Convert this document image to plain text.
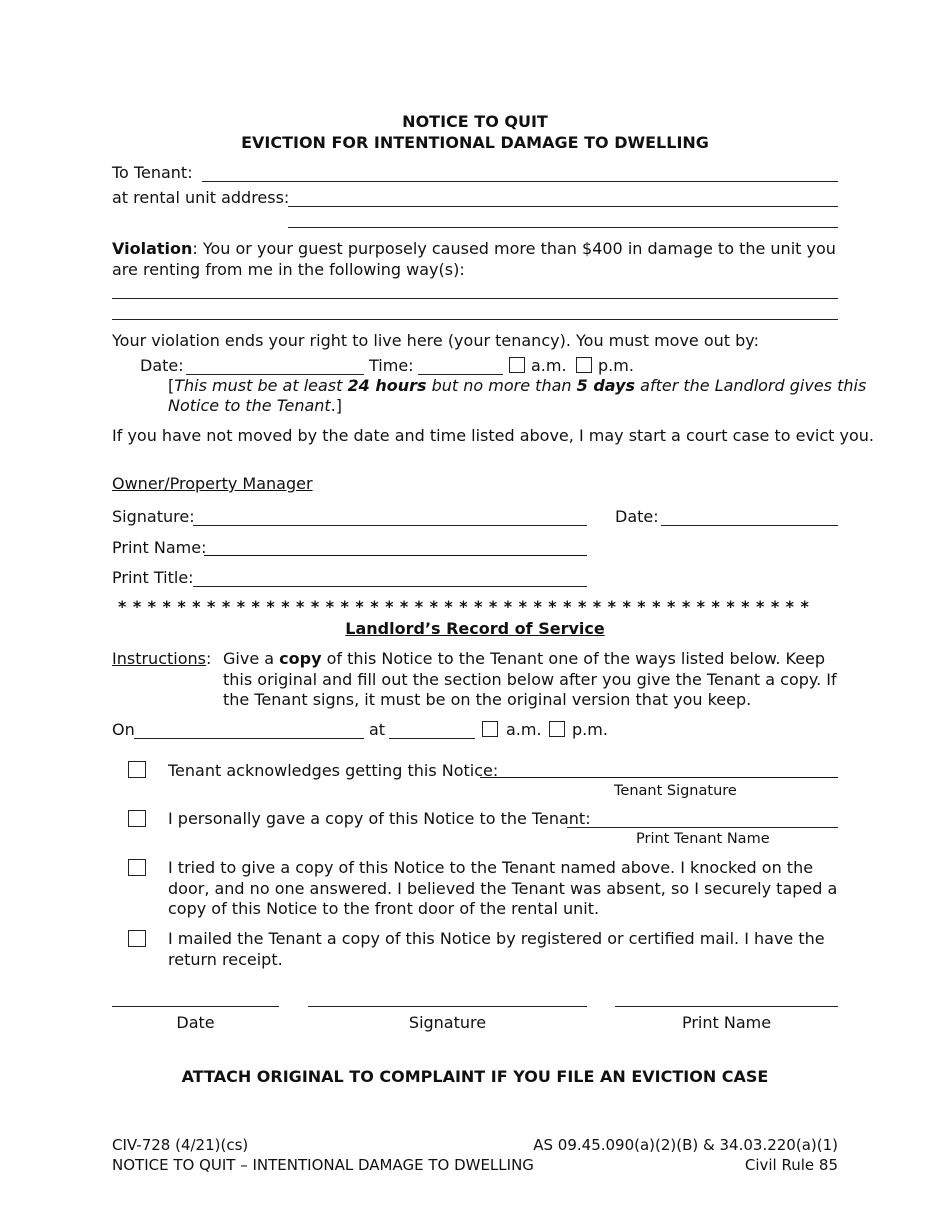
NOTICE TO QUIT
EVICTION FOR INTENTIONAL DAMAGE TO DWELLING
To Tenant:
at rental unit address:
Violation: You or your guest purposely caused more than $400 in damage to the unit you are renting from me in the following way(s):
Your violation ends your right to live here (your tenancy). You must move out by:
Date:	Time:	a.m. p.m.
[This must be at least 24 hours but no more than 5 days after the Landlord gives this
Notice to the Tenant.]
If you have not moved by the date and time listed above, I may start a court case to evict you.
Owner/Property Manager
Signature:	Date:
Print Name:
Print Title:
* * * * * * * * * * * * * * * * * * * * * * * * * * * * * * * * * * * * * * * * * * * * * * *
Landlord’s Record of Service
Instructions: Give a copy of this Notice to the Tenant one of the ways listed below. Keep this original and fill out the section below after you give the Tenant a copy. If the Tenant signs, it must be on the original version that you keep.
On	at	a.m. p.m.
Tenant acknowledges getting this Notice:
Tenant Signature
I personally gave a copy of this Notice to the Tenant:
Print Tenant Name
I tried to give a copy of this Notice to the Tenant named above. I knocked on the door, and no one answered. I believed the Tenant was absent, so I securely taped a copy of this Notice to the front door of the rental unit.
I mailed the Tenant a copy of this Notice by registered or certified mail. I have the return receipt.
Date	Signature	Print Name
ATTACH ORIGINAL TO COMPLAINT IF YOU FILE AN EVICTION CASE
CIV-728 (4/21)(cs)
NOTICE TO QUIT – INTENTIONAL DAMAGE TO DWELLING
AS 09.45.090(a)(2)(B) & 34.03.220(a)(1)
Civil Rule 85
